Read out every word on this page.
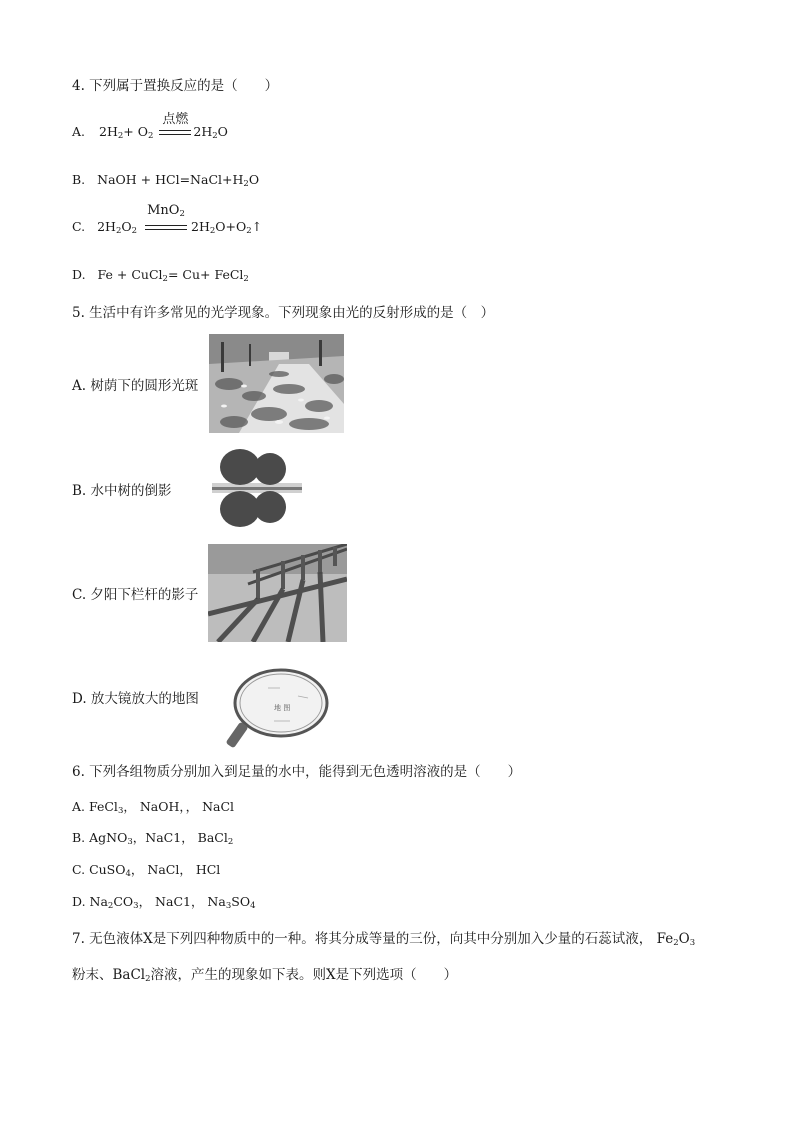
4. 下列属于置换反应的是（　　）
A. $2H_2+ O_2$
点燃
$2H_2O$
B. NaOH + $HCl=NaCl+H_2O$
C. $2H_2O_2$
MnO$_2$
$2H_2O+O_2↑$
D. Fe + CuCl$_2$= Cu+ FeCl$_2$
5. 生活中有许多常见的光学现象。下列现象由光的反射形成的是（　）
A. 树荫下的圆形光斑
B. 水中树的倒影
C. 夕阳下栏杆的影子
D. 放大镜放大的地图
地 图
6. 下列各组物质分别加入到足量的水中，能得到无色透明溶液的是（　　）
A. FeCl$_3$， NaOH，， NaCl
B. AgNO$_3$，NaC1， BaCl$_2$
C. CuSO$_4$， NaCl， HCl
D. $Na_2CO_3$， NaC1， $Na_3SO_4$
7. 无色液体X是下列四种物质中的一种。将其分成等量的三份，向其中分别加入少量的石蕊试液， $Fe_2O_3$
粉末、BaCl$_2$溶液，产生的现象如下表。则X是下列选项（　　）
